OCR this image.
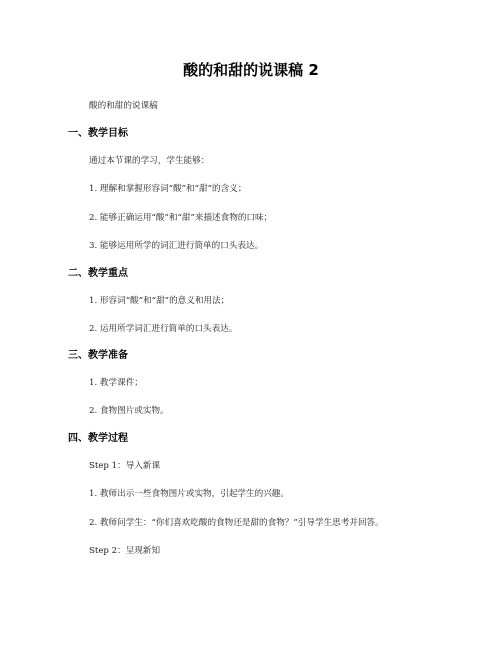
酸的和甜的说课稿 2
酸的和甜的说课稿
一、教学目标
通过本节课的学习，学生能够：
1. 理解和掌握形容词“酸”和“甜”的含义；
2. 能够正确运用“酸”和“甜”来描述食物的口味；
3. 能够运用所学的词汇进行简单的口头表达。
二、教学重点
1. 形容词“酸”和“甜”的意义和用法；
2. 运用所学词汇进行简单的口头表达。
三、教学准备
1. 教学课件；
2. 食物图片或实物。
四、教学过程
Step 1：导入新课
1. 教师出示一些食物图片或实物，引起学生的兴趣。
2. 教师问学生：“你们喜欢吃酸的食物还是甜的食物？”引导学生思考并回答。
Step 2：呈现新知
